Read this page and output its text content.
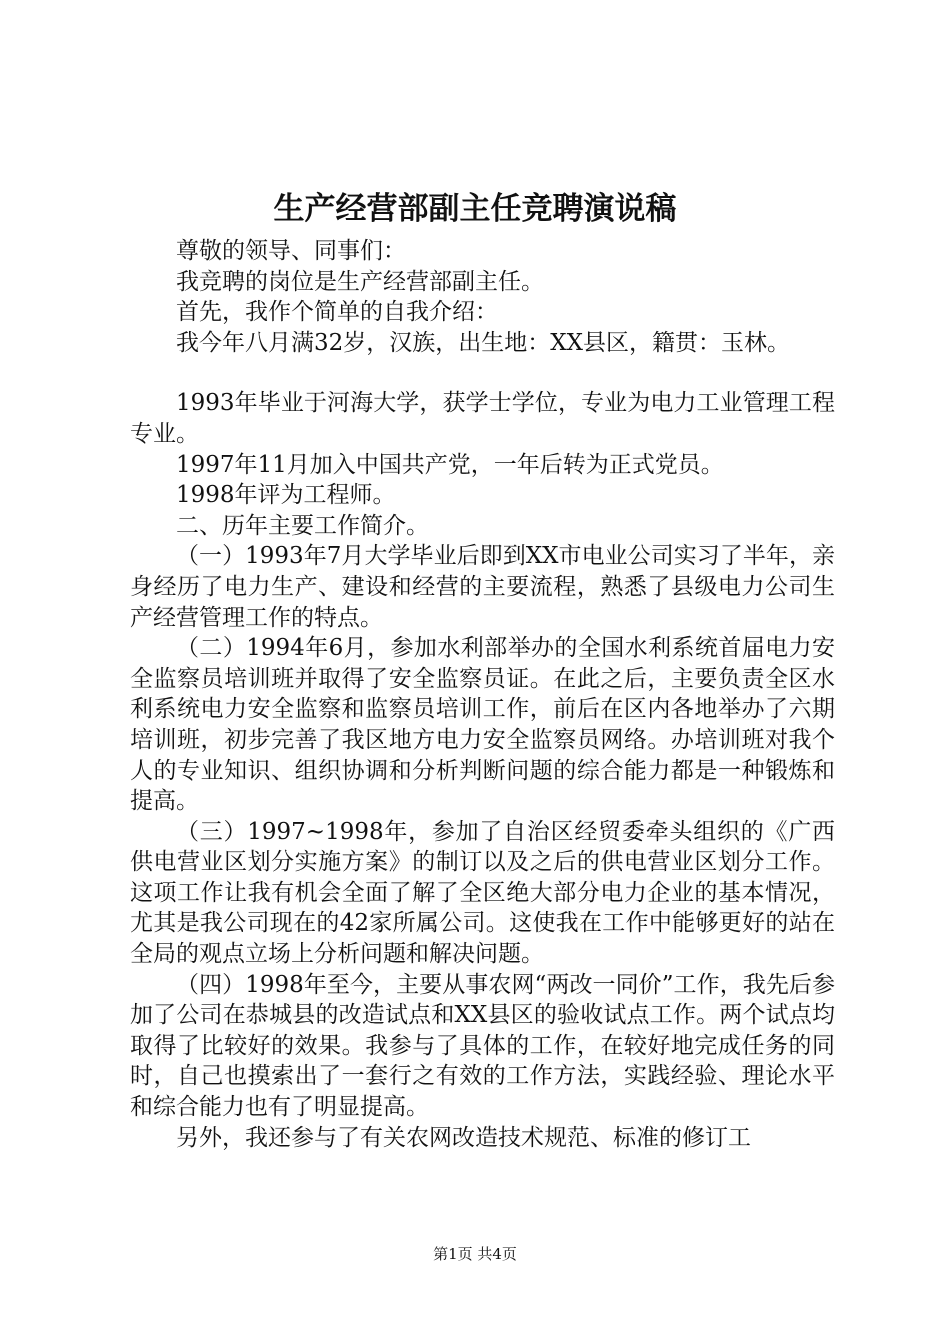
生产经营部副主任竞聘演说稿

尊敬的领导、同事们：

我竞聘的岗位是生产经营部副主任。

首先，我作个简单的自我介绍：

我今年八月满32岁，汉族，出生地：XX县区，籍贯：玉林。

1993年毕业于河海大学，获学士学位，专业为电力工业管理工程专业。

1997年11月加入中国共产党，一年后转为正式党员。

1998年评为工程师。

二、历年主要工作简介。

（一）1993年7月大学毕业后即到XX市电业公司实习了半年，亲身经历了电力生产、建设和经营的主要流程，熟悉了县级电力公司生产经营管理工作的特点。

（二）1994年6月，参加水利部举办的全国水利系统首届电力安全监察员培训班并取得了安全监察员证。在此之后，主要负责全区水利系统电力安全监察和监察员培训工作，前后在区内各地举办了六期培训班，初步完善了我区地方电力安全监察员网络。办培训班对我个人的专业知识、组织协调和分析判断问题的综合能力都是一种锻炼和提高。

（三）1997~1998年，参加了自治区经贸委牵头组织的《广西供电营业区划分实施方案》的制订以及之后的供电营业区划分工作。这项工作让我有机会全面了解了全区绝大部分电力企业的基本情况，尤其是我公司现在的42家所属公司。这使我在工作中能够更好的站在全局的观点立场上分析问题和解决问题。

（四）1998年至今，主要从事农网“两改一同价”工作，我先后参加了公司在恭城县的改造试点和XX县区的验收试点工作。两个试点均取得了比较好的效果。我参与了具体的工作，在较好地完成任务的同时，自己也摸索出了一套行之有效的工作方法，实践经验、理论水平和综合能力也有了明显提高。

另外，我还参与了有关农网改造技术规范、标准的修订工

第1页 共4页
